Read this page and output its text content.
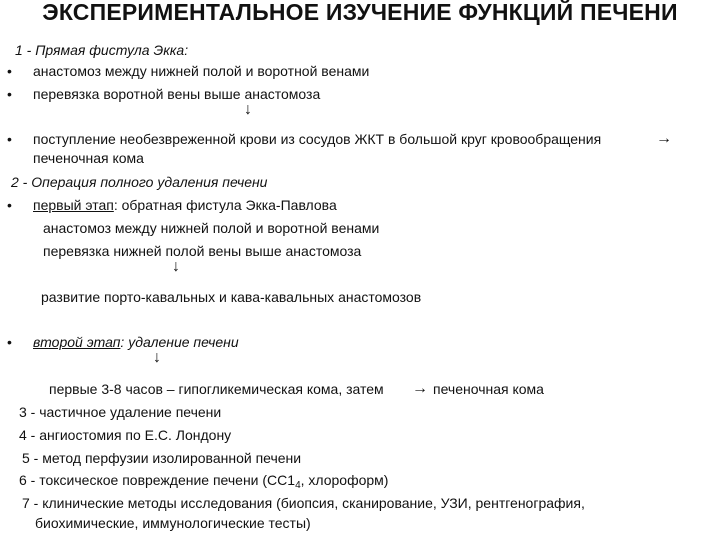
ЭКСПЕРИМЕНТАЛЬНОЕ ИЗУЧЕНИЕ ФУНКЦИЙ ПЕЧЕНИ
1 - Прямая фистула Экка:
• анастомоз между нижней полой и воротной венами
• перевязка воротной вены выше анастомоза
↓
• поступление необезвреженной крови из сосудов ЖКТ в большой круг кровообращения	→
печеночная кома
2 - Операция полного удаления печени
• первый этап: обратная фистула Экка-Павлова
анастомоз между нижней полой и воротной венами
перевязка нижней полой вены выше анастомоза
↓
развитие порто-кавальных и кава-кавальных анастомозов
• второй этап: удаление печени
↓
первые 3-8 часов – гипогликемическая кома, затем → печеночная кома
3 - частичное удаление печени
4 - ангиостомия по Е.С. Лондону
5 - метод перфузии изолированной печени
6 - токсическое повреждение печени ($СС1_4$, хлороформ)
7 - клинические методы исследования (биопсия, сканирование, УЗИ, рентгенография,
биохимические, иммунологические тесты)
